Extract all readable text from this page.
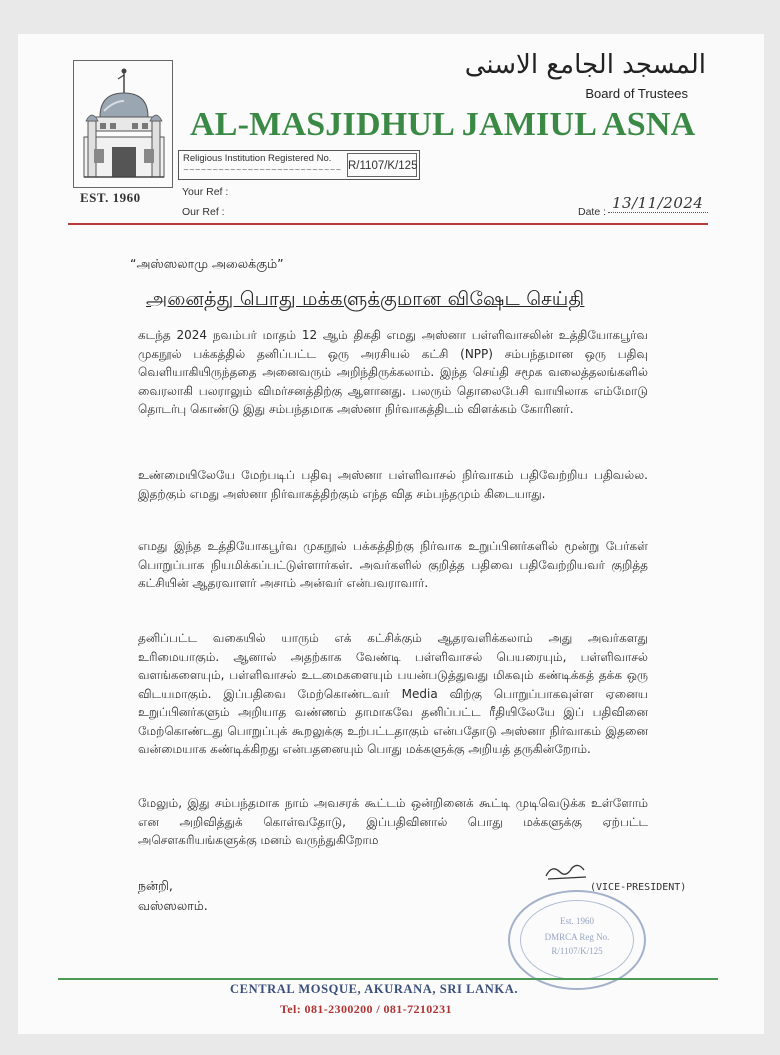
EST. 1960
المسجد الجامع الاسنى
Board of Trustees
AL-MASJIDHUL JAMIUL ASNA
Religious Institution Registered No.
~~~~~~~~~~~~~~~~~~~~~~~~~~~ R/1107/K/125
Your Ref :
Our Ref :	Date : 13/11/2024
“அஸ்ஸலாமு அலைக்கும்”
அனைத்து பொது மக்களுக்குமான விஷேட செய்தி
கடந்த 2024 நவம்பர் மாதம் 12 ஆம் திகதி எமது அஸ்னா பள்ளிவாசலின் உத்தியோகபூர்வ முகநூல் பக்கத்தில் தனிப்பட்ட ஒரு அரசியல் கட்சி (NPP) சம்பந்தமான ஒரு பதிவு வெளியாகியிருந்ததை அனைவரும் அறிந்திருக்கலாம். இந்த செய்தி சமூக வலைத்தலங்களில் வைரலாகி பலராலும் விமர்சனத்திற்கு ஆளானது. பலரும் தொலைபேசி வாயிலாக எம்மோடு தொடர்பு கொண்டு இது சம்பந்தமாக அஸ்னா நிர்வாகத்திடம் விளக்கம் கோரினர்.
உண்மையிலேயே மேற்படிப் பதிவு அஸ்னா பள்ளிவாசல் நிர்வாகம் பதிவேற்றிய பதிவல்ல. இதற்கும் எமது அஸ்னா நிர்வாகத்திற்கும் எந்த வித சம்பந்தமும் கிடையாது.
எமது இந்த உத்தியோகபூர்வ முகநூல் பக்கத்திற்கு நிர்வாக உறுப்பினர்களில் மூன்று பேர்கள் பொறுப்பாக நியமிக்கப்பட்டுள்ளார்கள். அவர்களில் குறித்த பதிவை பதிவேற்றியவர் குறித்த கட்சியின் ஆதரவாளர் அசாம் அன்வர் என்பவராவார்.
தனிப்பட்ட வகையில் யாரும் எக் கட்சிக்கும் ஆதரவளிக்கலாம் அது அவர்களது உரிமையாகும். ஆனால் அதற்காக வேண்டி பள்ளிவாசல் பெயரையும், பள்ளிவாசல் வளங்களையும், பள்ளிவாசல் உடமைகளையும் பயன்படுத்துவது மிகவும் கண்டிக்கத் தக்க ஒரு விடயமாகும். இப்பதிவை மேற்கொண்டவர் Media விற்கு பொறுப்பாகவுள்ள ஏனைய உறுப்பினர்களும் அறியாத வண்ணம் தாமாகவே தனிப்பட்ட ரீதியிலேயே இப் பதிவினை மேற்கொண்டது பொறுப்புக் கூறலுக்கு உற்பட்டதாகும் என்பதோடு அஸ்னா நிர்வாகம் இதனை வன்மையாக கண்டிக்கிறது என்பதனையும் பொது மக்களுக்கு அறியத் தருகின்றோம்.
மேலும், இது சம்பந்தமாக நாம் அவசரக் கூட்டம் ஒன்றினைக் கூட்டி முடிவெடுக்க உள்ளோம் என அறிவித்துக் கொள்வதோடு, இப்பதிவினால் பொது மக்களுக்கு ஏற்பட்ட அசௌகரியங்களுக்கு மனம் வருந்துகிறோம
நன்றி,
வஸ்ஸலாம்.
(VICE-PRESIDENT)
Est. 1960
DMRCA Reg No.
R/1107/K/125
CENTRAL MOSQUE, AKURANA, SRI LANKA.
Tel: 081-2300200 / 081-7210231
